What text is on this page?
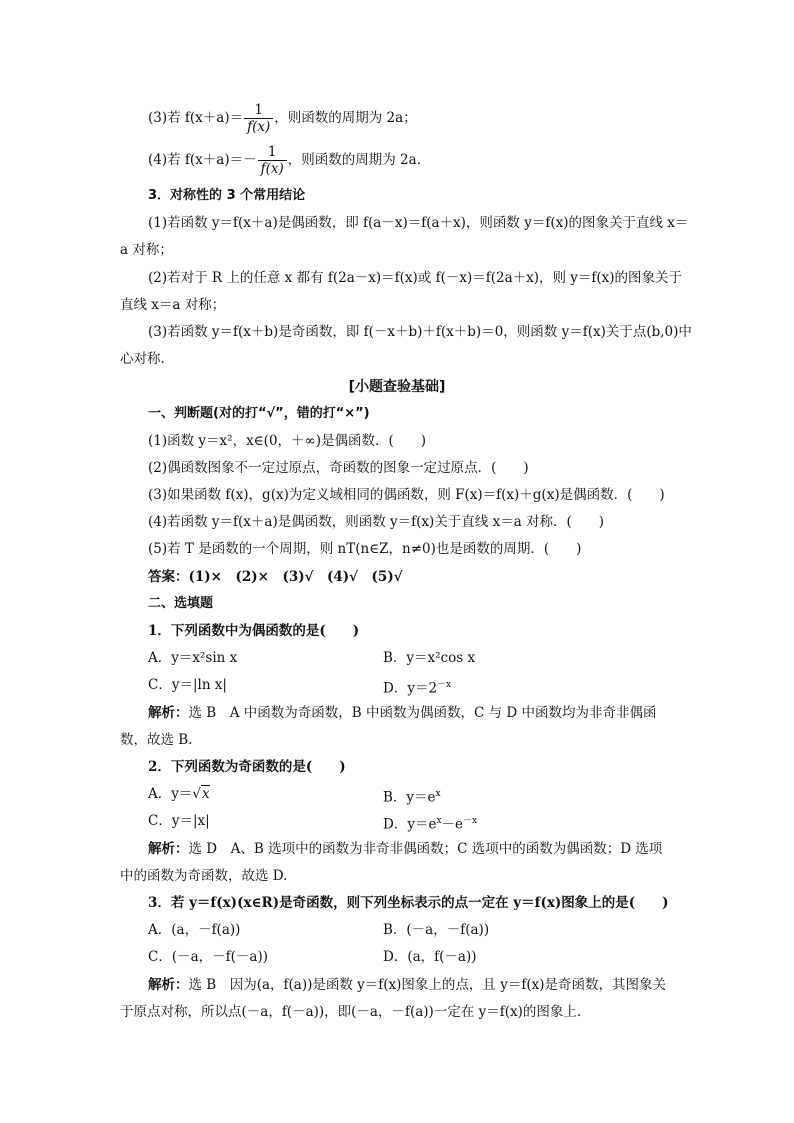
(3)若 $f(x+a)= \frac{1}{f(x)}$ ，则函数的周期为 2a；
(4)若 $f(x+a)=- \frac{1}{f(x)}$ ，则函数的周期为 2a.
3．对称性的 3 个常用结论
(1)若函数 y＝f(x＋a)是偶函数，即 f(a－x)＝f(a＋x)，则函数 y＝f(x)的图象关于直线 x＝
a 对称；
(2)若对于 R 上的任意 x 都有 f(2a－x)＝f(x)或 f(－x)＝f(2a＋x)，则 y＝f(x)的图象关于
直线 x＝a 对称；
(3)若函数 y＝f(x＋b)是奇函数，即 f(－x＋b)＋f(x＋b)＝0，则函数 y＝f(x)关于点(b,0)中
心对称.
[小题查验基础]
一、判断题(对的打“√”，错的打“×”)
(1)函数 y＝x²，x∈(0，＋∞)是偶函数．(　　)
(2)偶函数图象不一定过原点，奇函数的图象一定过原点．(　　)
(3)如果函数 f(x)，g(x)为定义域相同的偶函数，则 F(x)＝f(x)＋g(x)是偶函数．(　　)
(4)若函数 y＝f(x＋a)是偶函数，则函数 y＝f(x)关于直线 x＝a 对称．(　　)
(5)若 T 是函数的一个周期，则 nT(n∈Z，n≠0)也是函数的周期．(　　)
答案：(1)×　(2)×　(3)√　(4)√　(5)√
二、选填题
1．下列函数中为偶函数的是(　　)
A．y＝x²sin x	B．y＝x²cos x
C．y＝|ln x|	D．$y=2^{-x}$
解析：选 B　A 中函数为奇函数，B 中函数为偶函数，C 与 D 中函数均为非奇非偶函
数，故选 B.
2．下列函数为奇函数的是(　　)
A．y＝√x	B．$y=e^x$
C．y＝|x|	D．$y=e^x-e^{-x}$
解析：选 D　A、B 选项中的函数为非奇非偶函数；C 选项中的函数为偶函数；D 选项
中的函数为奇函数，故选 D.
3．若 y＝f(x)(x∈R)是奇函数，则下列坐标表示的点一定在 y＝f(x)图象上的是(　　)
A．(a，－f(a))	B．(－a，－f(a))
C．(－a，－f(－a))	D．(a，f(－a))
解析：选 B　因为(a，f(a))是函数 y＝f(x)图象上的点，且 y＝f(x)是奇函数，其图象关
于原点对称，所以点(－a，f(－a))，即(－a，－f(a))一定在 y＝f(x)的图象上.
